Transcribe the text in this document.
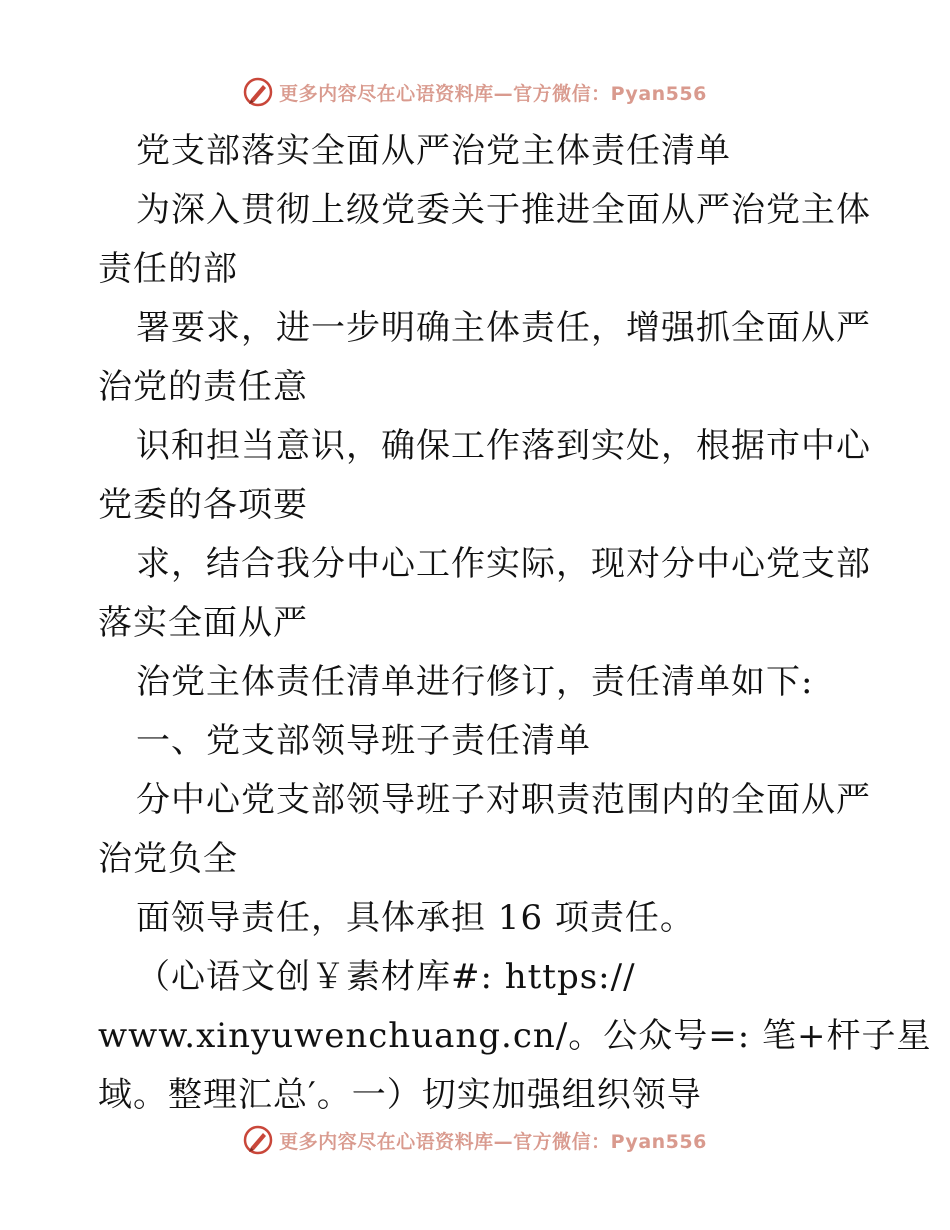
更多内容尽在心语资料库—官方微信：Pyan556
党支部落实全面从严治党主体责任清单
为深入贯彻上级党委关于推进全面从严治党主体
责任的部
署要求，进一步明确主体责任，增强抓全面从严
治党的责任意
识和担当意识，确保工作落到实处，根据市中心
党委的各项要
求，结合我分中心工作实际，现对分中心党支部
落实全面从严
治党主体责任清单进行修订，责任清单如下:
一、党支部领导班子责任清单
分中心党支部领导班子对职责范围内的全面从严
治党负全
面领导责任，具体承担 16 项责任。
（心语文创￥素材库#: https://
www.xinyuwenchuang.cn/。公众号=: 笔+杆子星
域。整理汇总′。一）切实加强组织领导
更多内容尽在心语资料库—官方微信：Pyan556
